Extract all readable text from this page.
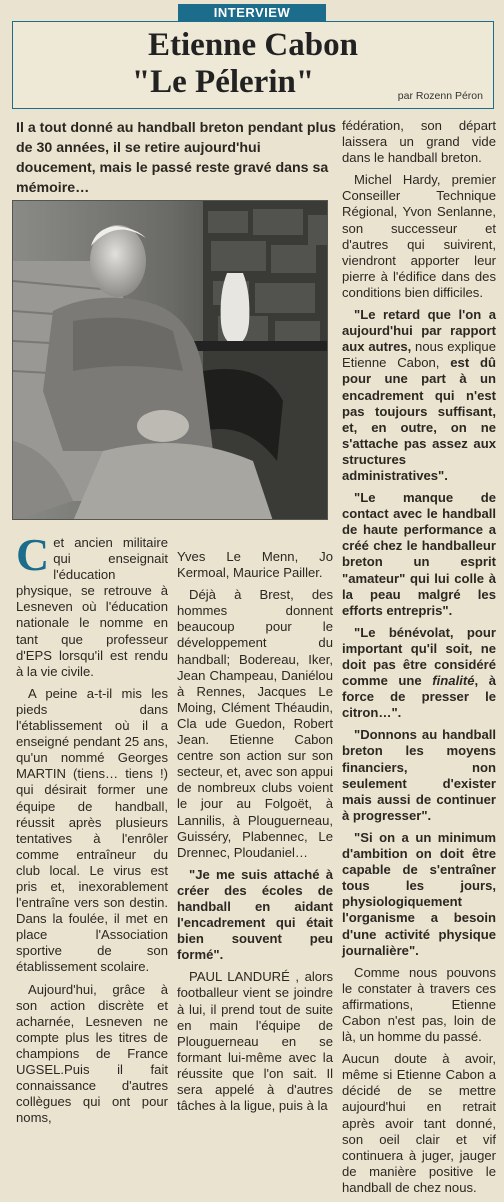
INTERVIEW
Etienne Cabon
"Le Pélerin"	par Rozenn Péron
Il a tout donné au handball breton pendant plus de 30 années, il se retire aujourd'hui doucement, mais le passé reste gravé dans sa mémoire…

Cet ancien militaire qui enseignait l'éducation physique, se retrouve à Lesneven où l'éducation nationale le nomme en tant que professeur d'EPS lorsqu'il est rendu à la vie civile.

A peine a-t-il mis les pieds dans l'établissement où il a enseigné pendant 25 ans, qu'un nommé Georges MARTIN (tiens… tiens !) qui désirait former une équipe de handball, réussit après plusieurs tentatives à l'enrôler comme entraîneur du club local. Le virus est pris et, inexorablement l'entraîne vers son destin. Dans la foulée, il met en place l'Association sportive de son établissement scolaire.

Aujourd'hui, grâce à son action discrète et acharnée, Lesneven ne compte plus les titres de champions de France UGSEL.Puis il fait connaissance d'autres collègues qui ont pour noms,

Yves Le Menn, Jo Kermoal, Maurice Pailler.

Déjà à Brest, des hommes donnent beaucoup pour le développement du handball; Bodereau, Iker, Jean Champeau, Daniélou à Rennes, Jacques Le Moing, Clément Théaudin, Cla ude Guedon, Robert Jean. Etienne Cabon centre son action sur son secteur, et, avec son appui de nombreux clubs voient le jour au Folgoët, à Lannilis, à Plouguerneau, Guisséry, Plabennec, Le Drennec, Ploudaniel…

"Je me suis attaché à créer des écoles de handball en aidant l'encadrement qui était bien souvent peu formé".

PAUL LANDURÉ , alors footballeur vient se joindre à lui, il prend tout de suite en main l'équipe de Plouguerneau en se formant lui-même avec la réussite que l'on sait. Il sera appelé à d'autres tâches à la ligue, puis à la

fédération, son départ laissera un grand vide dans le handball breton.

Michel Hardy, premier Conseiller Technique Régional, Yvon Senlanne, son successeur et d'autres qui suivirent, viendront apporter leur pierre à l'édifice dans des conditions bien difficiles.

"Le retard que l'on a aujourd'hui par rapport aux autres, nous explique Etienne Cabon, est dû pour une part à un encadrement qui n'est pas toujours suffisant, et, en outre, on ne s'attache pas assez aux structures administratives".

"Le manque de contact avec le handball de haute performance a créé chez le handballeur breton un esprit "amateur" qui lui colle à la peau malgré les efforts entrepris".

"Le bénévolat, pour important qu'il soit, ne doit pas être considéré comme une finalité, à force de presser le citron…".

"Donnons au handball breton les moyens financiers, non seulement d'exister mais aussi de continuer à progresser".

"Si on a un minimum d'ambition on doit être capable de s'entraîner tous les jours, physiologiquement l'organisme a besoin d'une activité physique journalière".

Comme nous pouvons le constater à travers ces affirmations, Etienne Cabon n'est pas, loin de là, un homme du passé.

Aucun doute à avoir, même si Etienne Cabon a décidé de se mettre aujourd'hui en retrait après avoir tant donné, son oeil clair et vif continuera à juger, jauger de manière positive le handball de chez nous.
